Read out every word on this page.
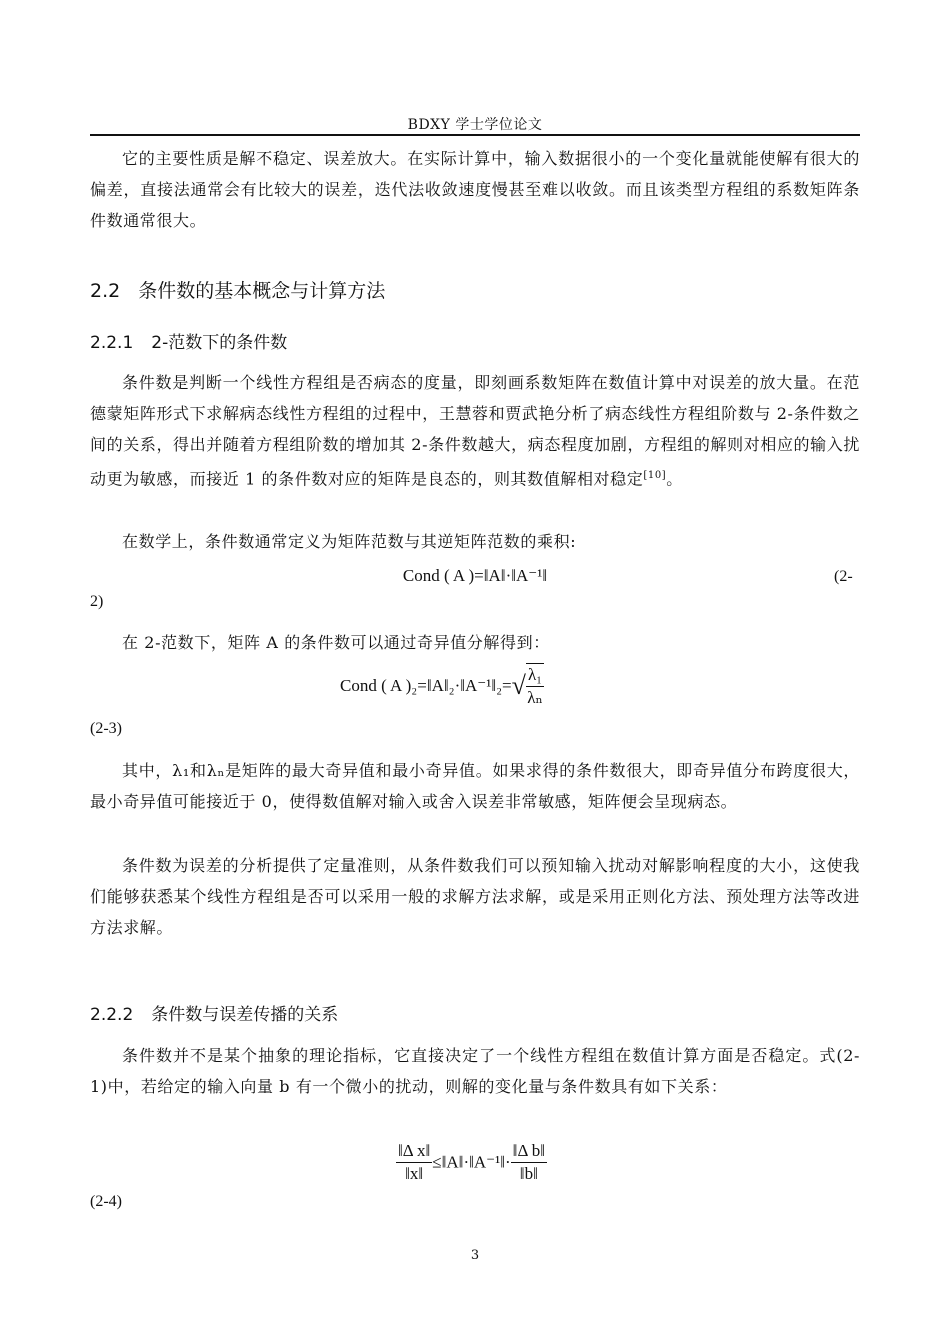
BDXY 学士学位论文
它的主要性质是解不稳定、误差放大。在实际计算中，输入数据很小的一个变化量就能使解有很大的偏差，直接法通常会有比较大的误差，迭代法收敛速度慢甚至难以收敛。而且该类型方程组的系数矩阵条件数通常很大。
2.2 条件数的基本概念与计算方法
2.2.1 2-范数下的条件数
条件数是判断一个线性方程组是否病态的度量，即刻画系数矩阵在数值计算中对误差的放大量。在范德蒙矩阵形式下求解病态线性方程组的过程中，王慧蓉和贾武艳分析了病态线性方程组阶数与 2-条件数之间的关系，得出并随着方程组阶数的增加其 2-条件数越大，病态程度加剧，方程组的解则对相应的输入扰动更为敏感，而接近 1 的条件数对应的矩阵是良态的，则其数值解相对稳定[10]。
在数学上，条件数通常定义为矩阵范数与其逆矩阵范数的乘积:
Cond ( A )=‖A‖·‖A⁻¹‖	(2-
2)
在 2-范数下，矩阵 A 的条件数可以通过奇异值分解得到：
Cond ( A )₂=‖A‖₂·‖A⁻¹‖₂=√ $\frac{\text{λ₁}}{\text{λₙ}}$
(2-3)
其中，λ₁和λₙ是矩阵的最大奇异值和最小奇异值。如果求得的条件数很大，即奇异值分布跨度很大，最小奇异值可能接近于 0，使得数值解对输入或舍入误差非常敏感，矩阵便会呈现病态。
条件数为误差的分析提供了定量准则，从条件数我们可以预知输入扰动对解影响程度的大小，这使我们能够获悉某个线性方程组是否可以采用一般的求解方法求解，或是采用正则化方法、预处理方法等改进方法求解。
2.2.2 条件数与误差传播的关系
条件数并不是某个抽象的理论指标，它直接决定了一个线性方程组在数值计算方面是否稳定。式(2-1)中，若给定的输入向量 b 有一个微小的扰动，则解的变化量与条件数具有如下关系：
$\frac{\text{‖Δ x‖}}{‖x‖}$ ≤‖A‖·‖A⁻¹‖· $\frac{\text{‖Δ b‖}}{‖b‖}$
(2-4)
3
